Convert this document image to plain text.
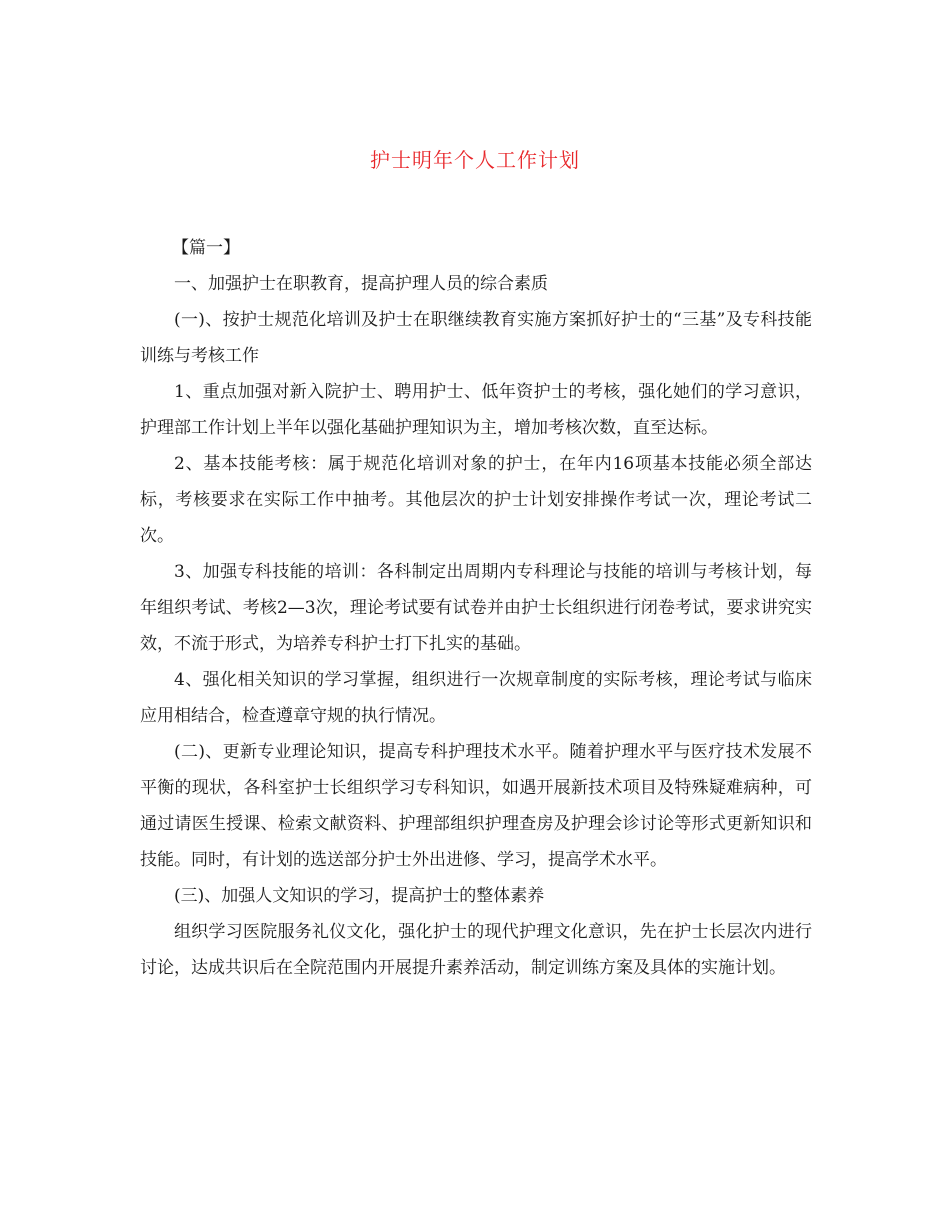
护士明年个人工作计划

【篇一】

一、加强护士在职教育，提高护理人员的综合素质

(一)、按护士规范化培训及护士在职继续教育实施方案抓好护士的“三基”及专科技能训练与考核工作

1、重点加强对新入院护士、聘用护士、低年资护士的考核，强化她们的学习意识，护理部工作计划上半年以强化基础护理知识为主，增加考核次数，直至达标。

2、基本技能考核：属于规范化培训对象的护士，在年内16项基本技能必须全部达标，考核要求在实际工作中抽考。其他层次的护士计划安排操作考试一次，理论考试二次。

3、加强专科技能的培训：各科制定出周期内专科理论与技能的培训与考核计划，每年组织考试、考核2—3次，理论考试要有试卷并由护士长组织进行闭卷考试，要求讲究实效，不流于形式，为培养专科护士打下扎实的基础。

4、强化相关知识的学习掌握，组织进行一次规章制度的实际考核，理论考试与临床应用相结合，检查遵章守规的执行情况。

(二)、更新专业理论知识，提高专科护理技术水平。随着护理水平与医疗技术发展不平衡的现状，各科室护士长组织学习专科知识，如遇开展新技术项目及特殊疑难病种，可通过请医生授课、检索文献资料、护理部组织护理查房及护理会诊讨论等形式更新知识和技能。同时，有计划的选送部分护士外出进修、学习，提高学术水平。

(三)、加强人文知识的学习，提高护士的整体素养

组织学习医院服务礼仪文化，强化护士的现代护理文化意识，先在护士长层次内进行讨论，达成共识后在全院范围内开展提升素养活动，制定训练方案及具体的实施计划。
